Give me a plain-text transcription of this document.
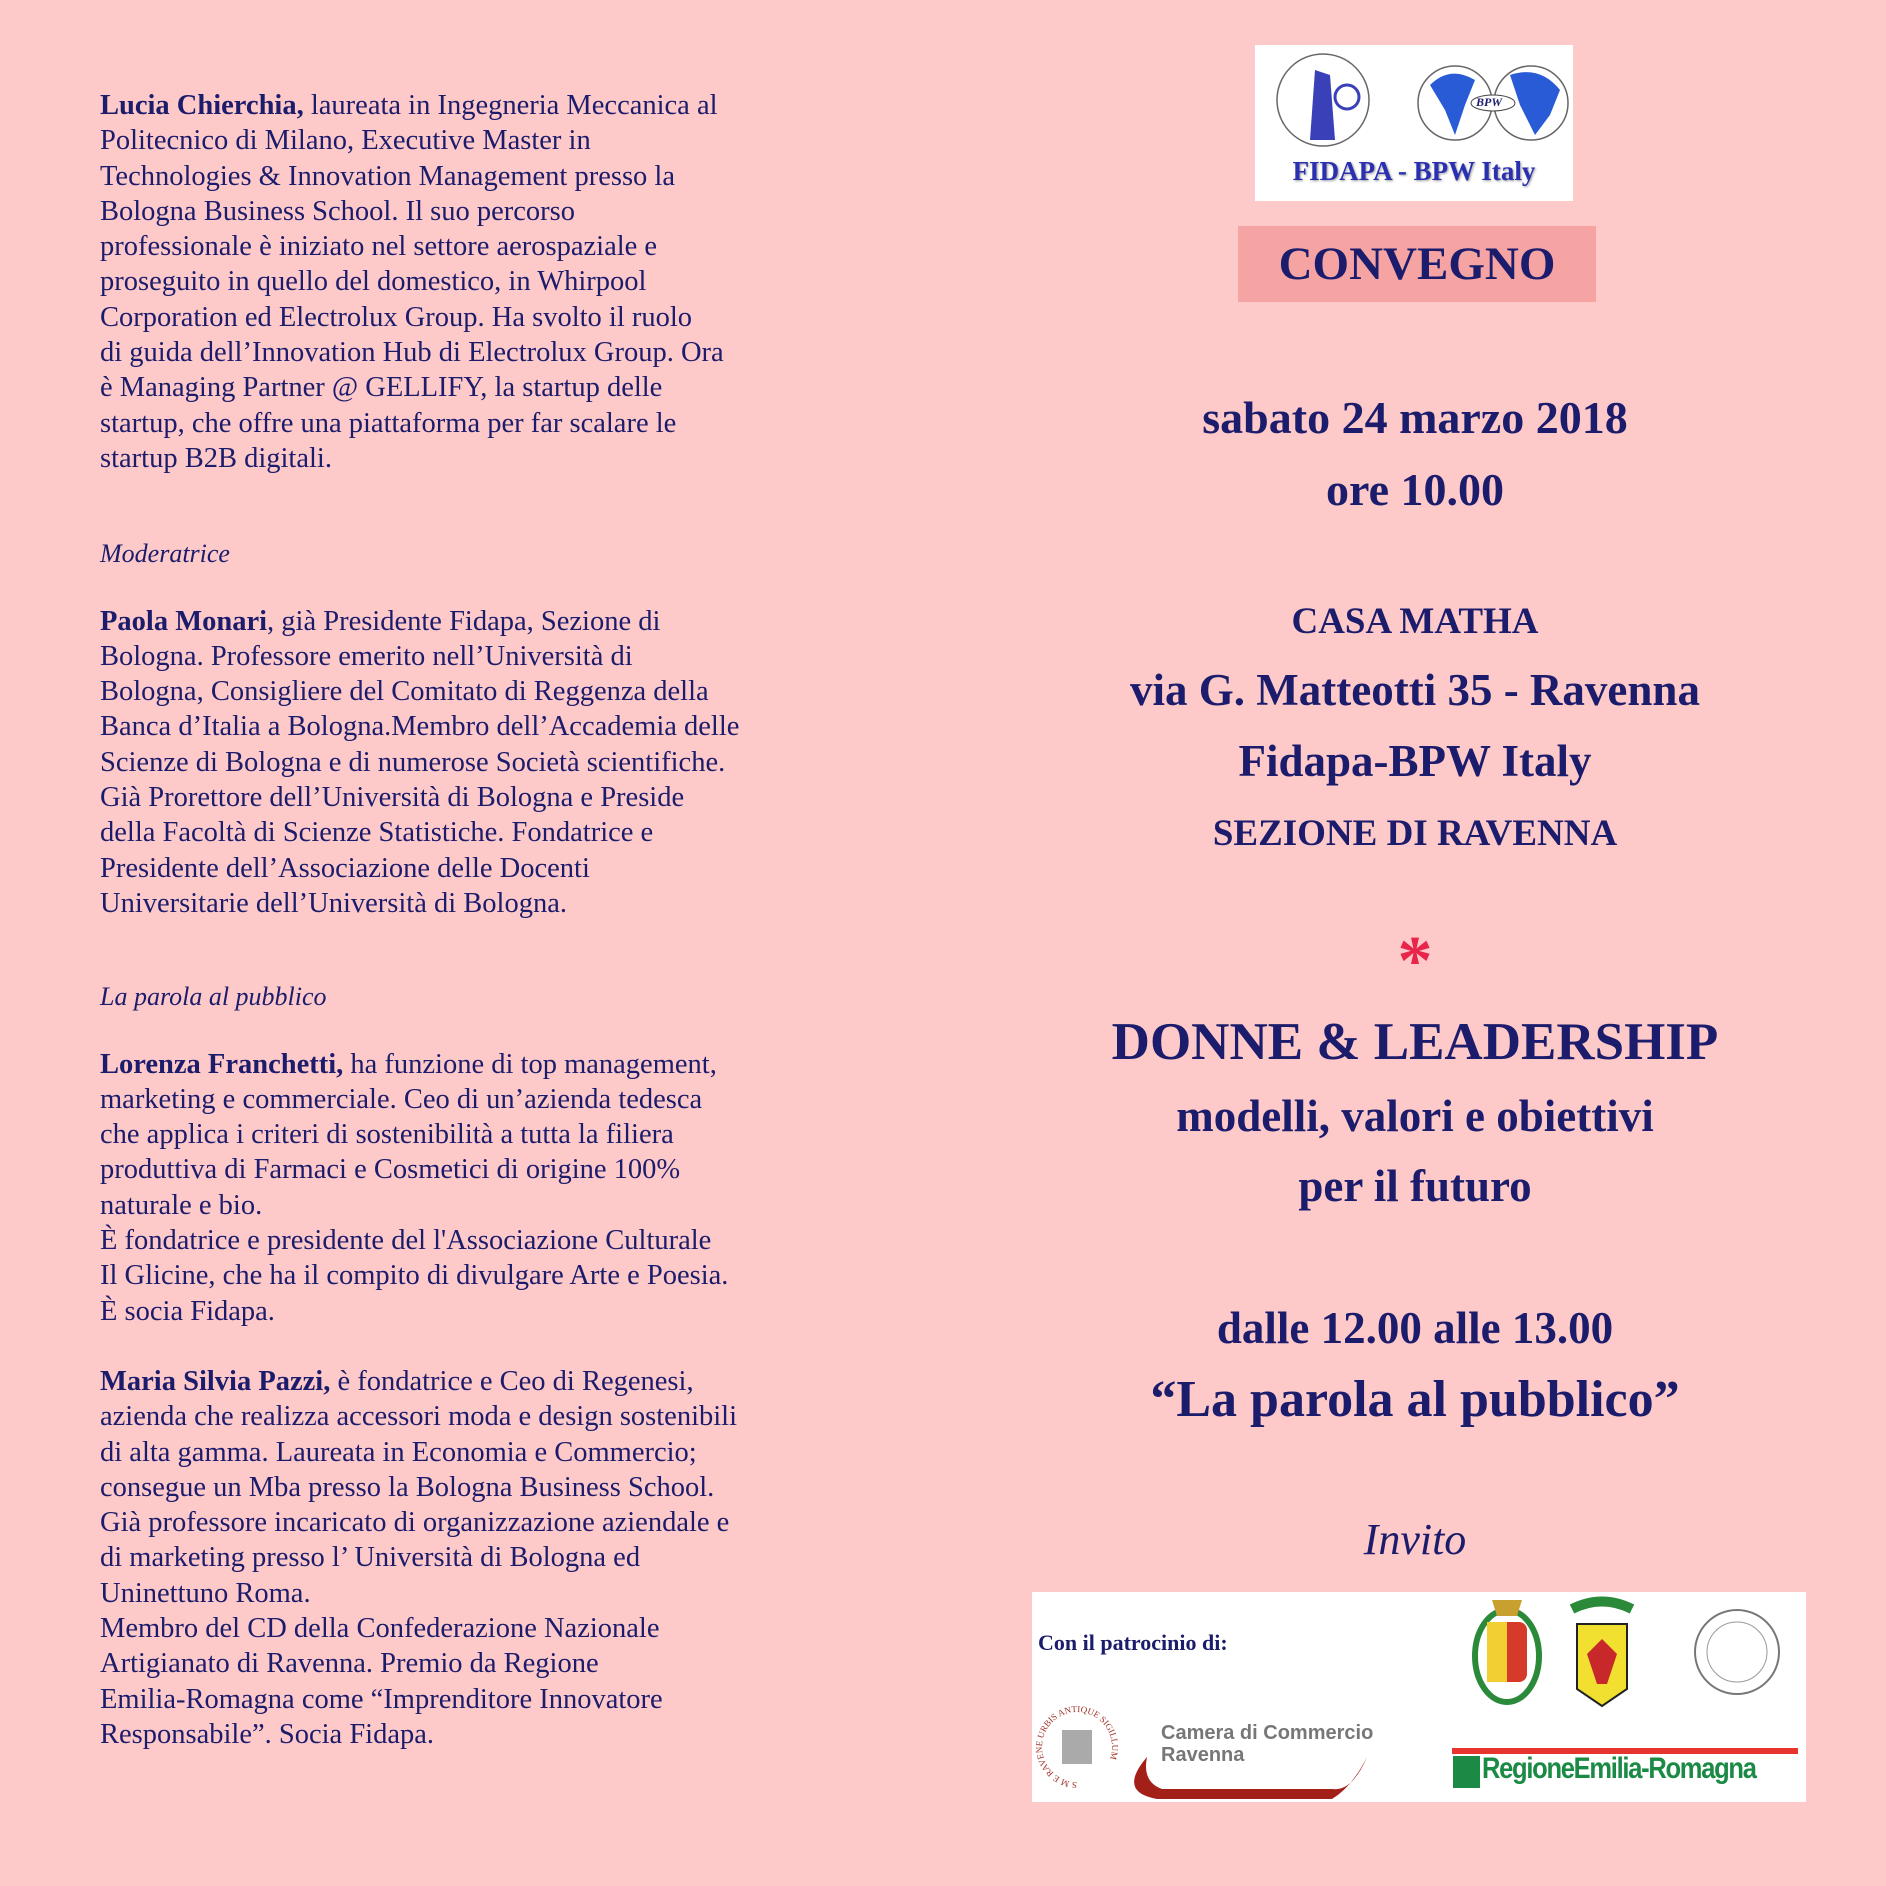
Lucia Chierchia, laureata in Ingegneria Meccanica al
Politecnico di Milano, Executive Master in
Technologies & Innovation Management presso la
Bologna Business School. Il suo percorso
professionale è iniziato nel settore aerospaziale e
proseguito in quello del domestico, in Whirpool
Corporation ed Electrolux Group. Ha svolto il ruolo
di guida dell’Innovation Hub di Electrolux Group. Ora
è Managing Partner @ GELLIFY, la startup delle
startup, che offre una piattaforma per far scalare le
startup B2B digitali.

Moderatrice

Paola Monari, già Presidente Fidapa, Sezione di
Bologna. Professore emerito nell’Università di
Bologna, Consigliere del Comitato di Reggenza della
Banca d’Italia a Bologna.Membro dell’Accademia delle
Scienze di Bologna e di numerose Società scientifiche.
Già Prorettore dell’Università di Bologna e Preside
della Facoltà di Scienze Statistiche. Fondatrice e
Presidente dell’Associazione delle Docenti
Universitarie dell’Università di Bologna.

La parola al pubblico

Lorenza Franchetti, ha funzione di top management,
marketing e commerciale. Ceo di un’azienda tedesca
che applica i criteri di sostenibilità a tutta la filiera
produttiva di Farmaci e Cosmetici di origine 100%
naturale e bio.
È fondatrice e presidente del l'Associazione Culturale
Il Glicine, che ha il compito di divulgare Arte e Poesia.
È socia Fidapa.
Maria Silvia Pazzi, è fondatrice e Ceo di Regenesi,
azienda che realizza accessori moda e design sostenibili
di alta gamma. Laureata in Economia e Commercio;
consegue un Mba presso la Bologna Business School.
Già professore incaricato di organizzazione aziendale e
di marketing presso l’ Università di Bologna ed
Uninettuno Roma.
Membro del CD della Confederazione Nazionale
Artigianato di Ravenna. Premio da Regione
Emilia-Romagna come “Imprenditore Innovatore
Responsabile”. Socia Fidapa.
FIDAPA - BPW Italy
BPW
CONVEGNO
sabato 24 marzo 2018
ore 10.00
CASA MATHA
via G. Matteotti 35 - Ravenna
Fidapa-BPW Italy
SEZIONE DI RAVENNA
*
DONNE & LEADERSHIP
modelli, valori e obiettivi
per il futuro
dalle 12.00 alle 13.00
“La parola al pubblico”
Invito
Con il patrocinio di:
S M E RAVENE URBIS ANTIQUE SIGILLUM
Camera di Commercio
Ravenna	RegioneEmilia-Romagna
